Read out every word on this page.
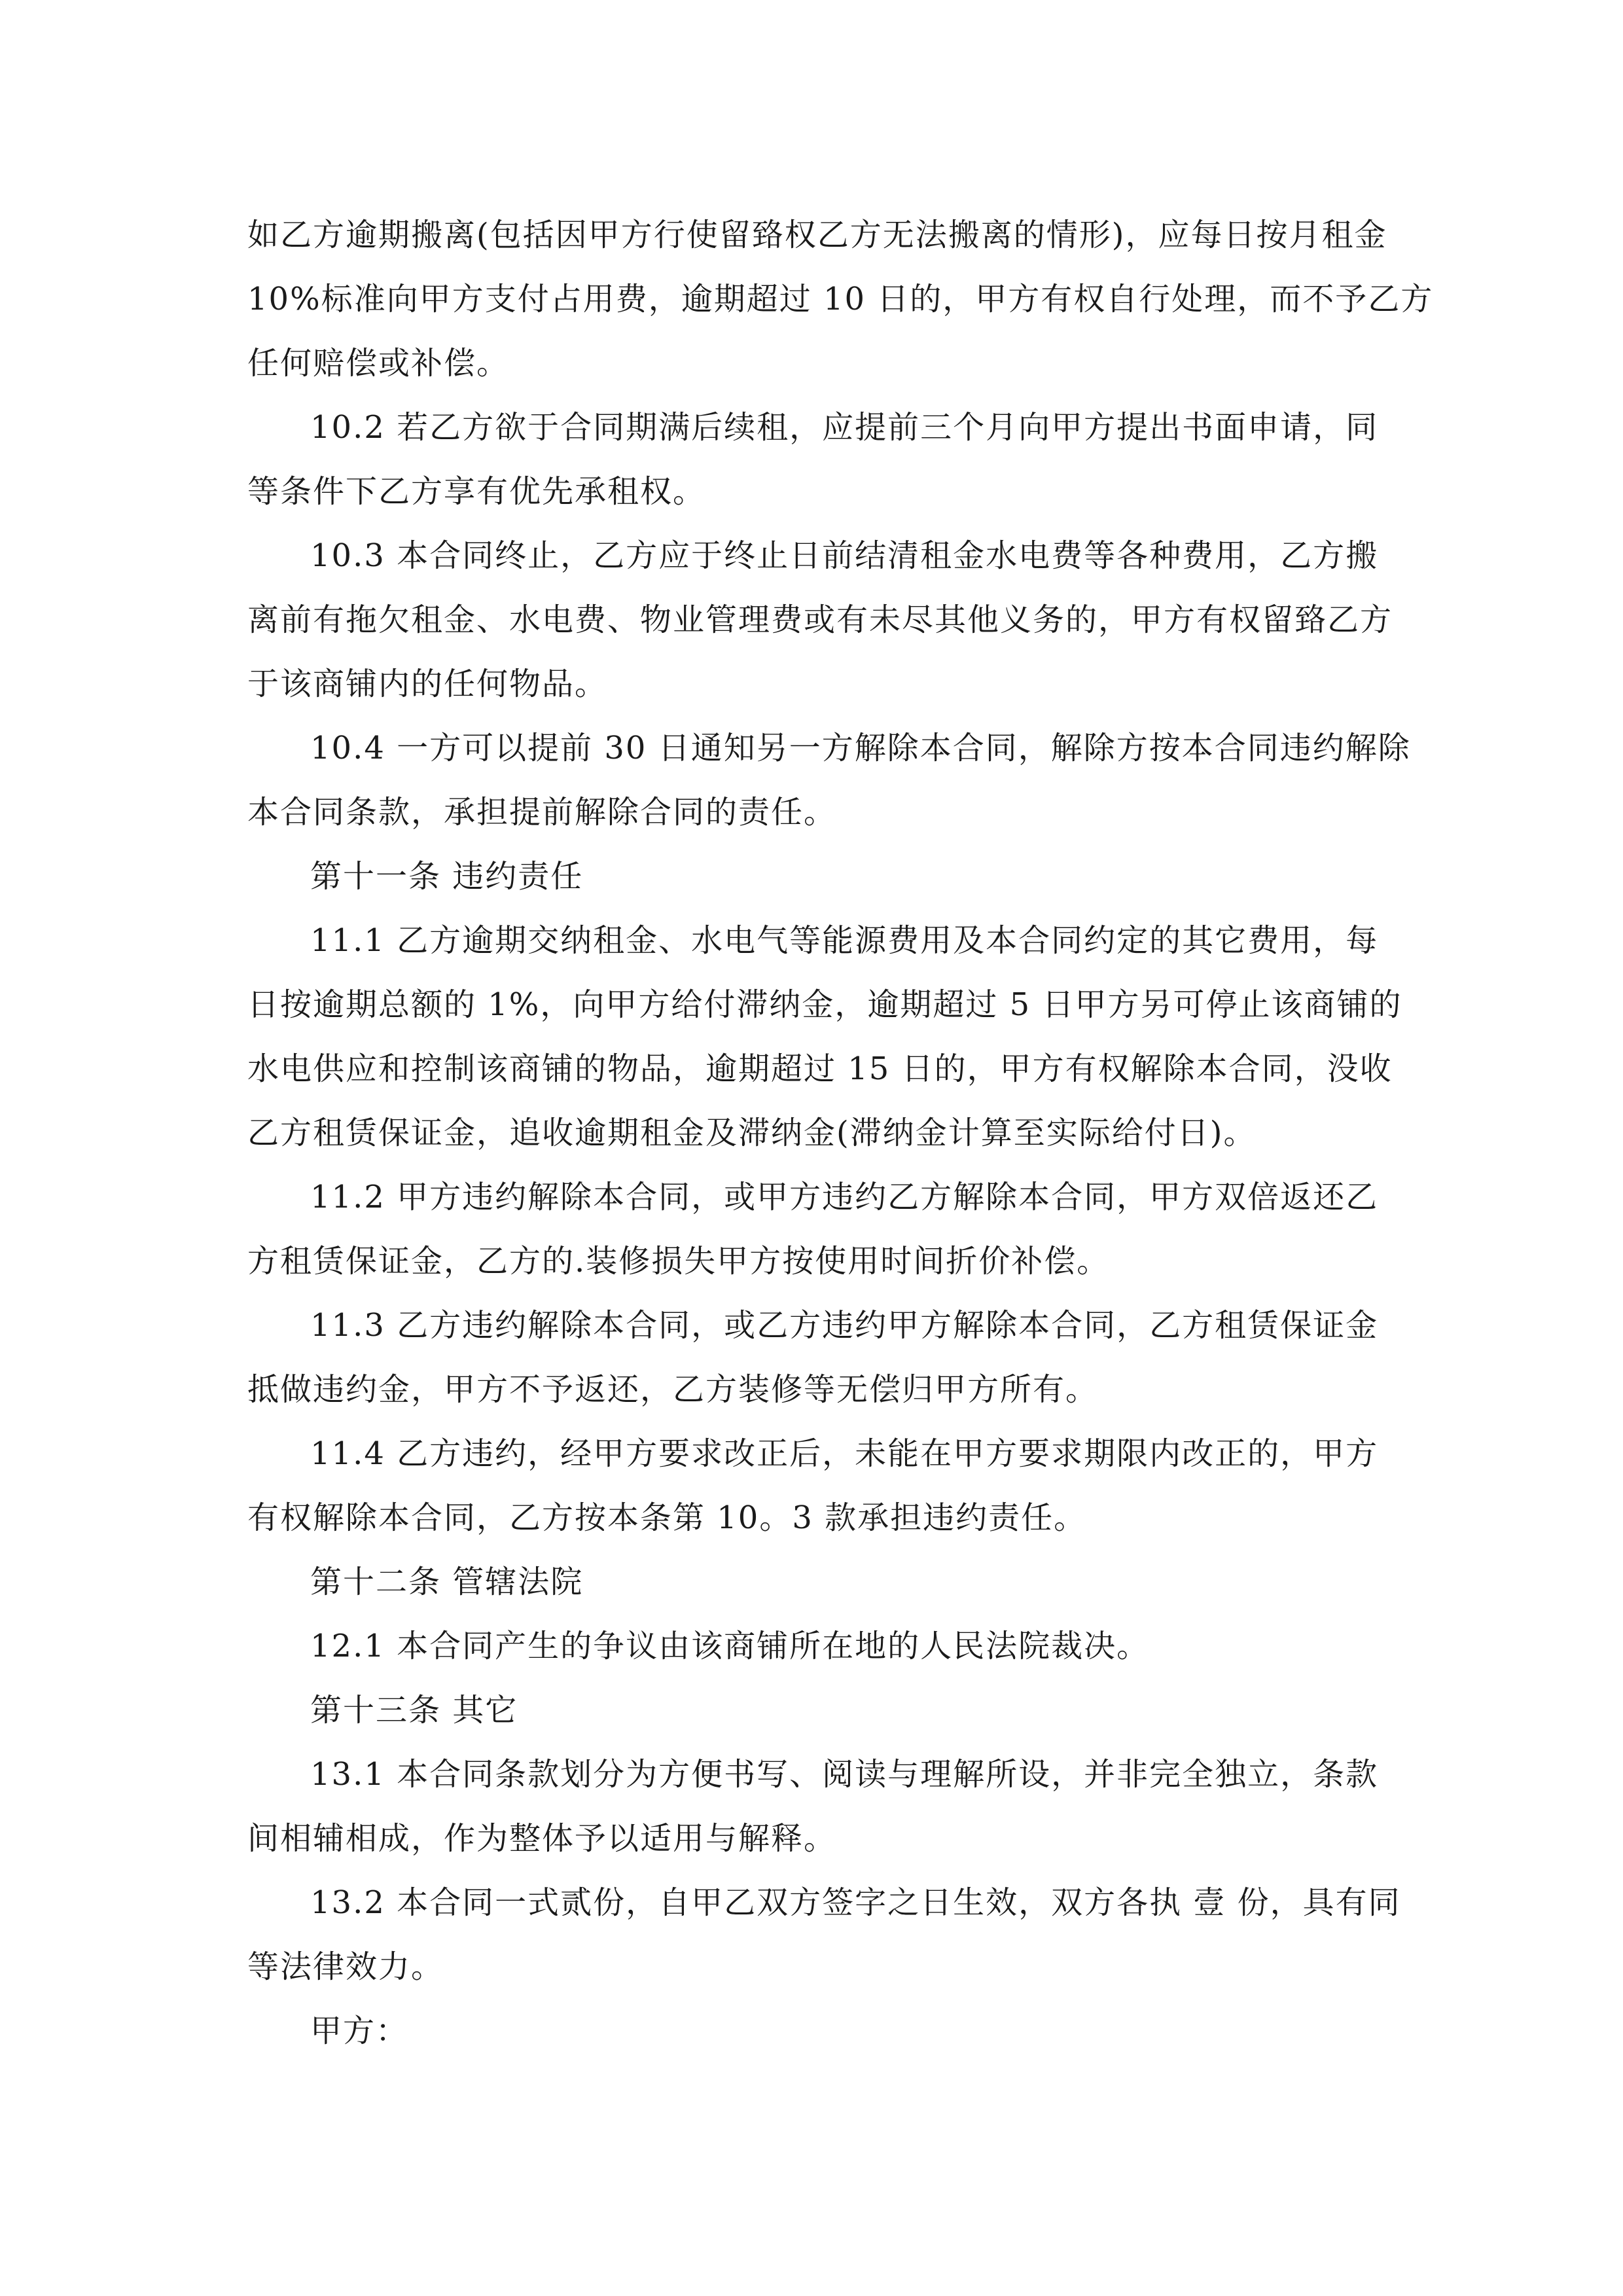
如乙方逾期搬离(包括因甲方行使留臵权乙方无法搬离的情形)，应每日按月租金
10%标准向甲方支付占用费，逾期超过 10 日的，甲方有权自行处理，而不予乙方
任何赔偿或补偿。
10.2 若乙方欲于合同期满后续租，应提前三个月向甲方提出书面申请，同
等条件下乙方享有优先承租权。
10.3 本合同终止，乙方应于终止日前结清租金水电费等各种费用，乙方搬
离前有拖欠租金、水电费、物业管理费或有未尽其他义务的，甲方有权留臵乙方
于该商铺内的任何物品。
10.4 一方可以提前 30 日通知另一方解除本合同，解除方按本合同违约解除
本合同条款，承担提前解除合同的责任。
第十一条 违约责任
11.1 乙方逾期交纳租金、水电气等能源费用及本合同约定的其它费用，每
日按逾期总额的 1%，向甲方给付滞纳金，逾期超过 5 日甲方另可停止该商铺的
水电供应和控制该商铺的物品，逾期超过 15 日的，甲方有权解除本合同，没收
乙方租赁保证金，追收逾期租金及滞纳金(滞纳金计算至实际给付日)。
11.2 甲方违约解除本合同，或甲方违约乙方解除本合同，甲方双倍返还乙
方租赁保证金，乙方的.装修损失甲方按使用时间折价补偿。
11.3 乙方违约解除本合同，或乙方违约甲方解除本合同，乙方租赁保证金
抵做违约金，甲方不予返还，乙方装修等无偿归甲方所有。
11.4 乙方违约，经甲方要求改正后，未能在甲方要求期限内改正的，甲方
有权解除本合同，乙方按本条第 10。3 款承担违约责任。
第十二条 管辖法院
12.1 本合同产生的争议由该商铺所在地的人民法院裁决。
第十三条 其它
13.1 本合同条款划分为方便书写、阅读与理解所设，并非完全独立，条款
间相辅相成，作为整体予以适用与解释。
13.2 本合同一式贰份，自甲乙双方签字之日生效，双方各执 壹 份，具有同
等法律效力。
甲方：
